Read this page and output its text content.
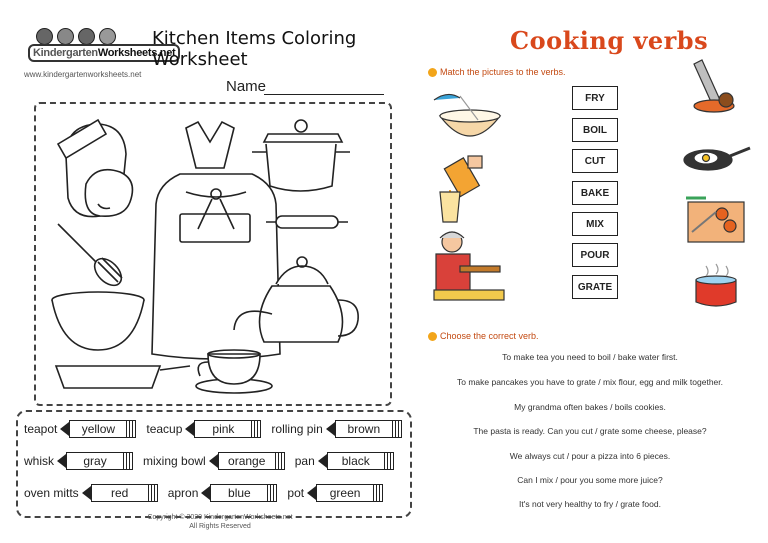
KindergartenWorksheets.net
www.kindergartenworksheets.net
Kitchen Items Coloring Worksheet
Name
teapot	yellow	teacup	pink	rolling pin	brown
whisk	gray	mixing bowl	orange	pan	black
oven mitts	red	apron	blue	pot	green
Copyright © 2020 KindergartenWorksheets.net
All Rights Reserved
Cooking verbs
Match the pictures to the verbs.
FRY
BOIL
CUT
BAKE
MIX
POUR
GRATE
Choose the correct verb.
To make tea you need to boil / bake water first.
To make pancakes you have to grate / mix flour, egg and milk together.
My grandma often bakes / boils cookies.
The pasta is ready. Can you cut / grate some cheese, please?
We always cut / pour a pizza into 6 pieces.
Can I mix / pour you some more juice?
It's not very healthy to fry / grate food.
